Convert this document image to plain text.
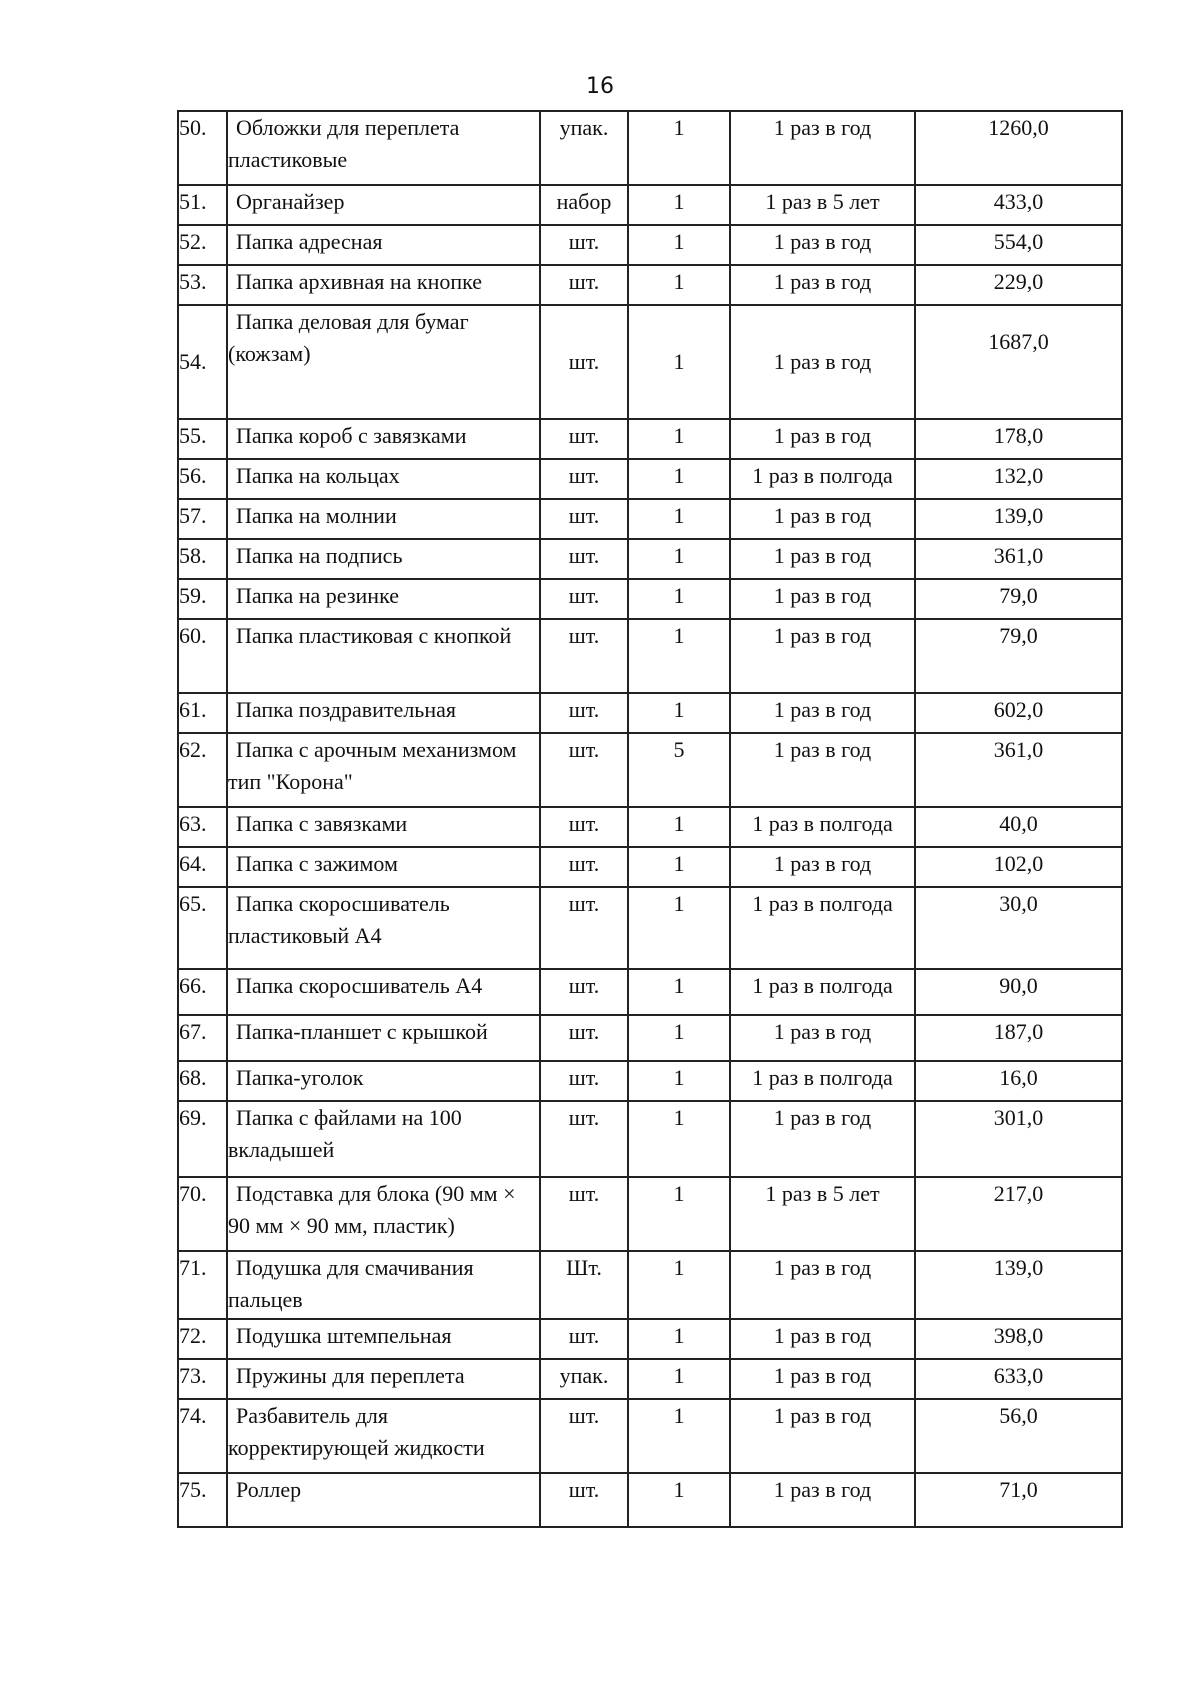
16
50.	Обложки для переплета пластиковые	упак.	1	1 раз в год	1260,0
51.	Органайзер	набор	1	1 раз в 5 лет	433,0
52.	Папка адресная	шт.	1	1 раз в год	554,0
53.	Папка архивная на кнопке	шт.	1	1 раз в год	229,0
54.	Папка деловая для бумаг (кожзам)	шт.	1	1 раз в год	1687,0
55.	Папка короб с завязками	шт.	1	1 раз в год	178,0
56.	Папка на кольцах	шт.	1	1 раз в полгода	132,0
57.	Папка на молнии	шт.	1	1 раз в год	139,0
58.	Папка на подпись	шт.	1	1 раз в год	361,0
59.	Папка на резинке	шт.	1	1 раз в год	79,0
60.	Папка пластиковая с кнопкой	шт.	1	1 раз в год	79,0
61.	Папка поздравительная	шт.	1	1 раз в год	602,0
62.	Папка с арочным механизмом тип "Корона"	шт.	5	1 раз в год	361,0
63.	Папка с завязками	шт.	1	1 раз в полгода	40,0
64.	Папка с зажимом	шт.	1	1 раз в год	102,0
65.	Папка скоросшиватель пластиковый А4	шт.	1	1 раз в полгода	30,0
66.	Папка скоросшиватель А4	шт.	1	1 раз в полгода	90,0
67.	Папка-планшет с крышкой	шт.	1	1 раз в год	187,0
68.	Папка-уголок	шт.	1	1 раз в полгода	16,0
69.	Папка с файлами на 100 вкладышей	шт.	1	1 раз в год	301,0
70.	Подставка для блока (90 мм × 90 мм × 90 мм, пластик)	шт.	1	1 раз в 5 лет	217,0
71.	Подушка для смачивания пальцев	Шт.	1	1 раз в год	139,0
72.	Подушка штемпельная	шт.	1	1 раз в год	398,0
73.	Пружины для переплета	упак.	1	1 раз в год	633,0
74.	Разбавитель для корректирующей жидкости	шт.	1	1 раз в год	56,0
75.	Роллер	шт.	1	1 раз в год	71,0
